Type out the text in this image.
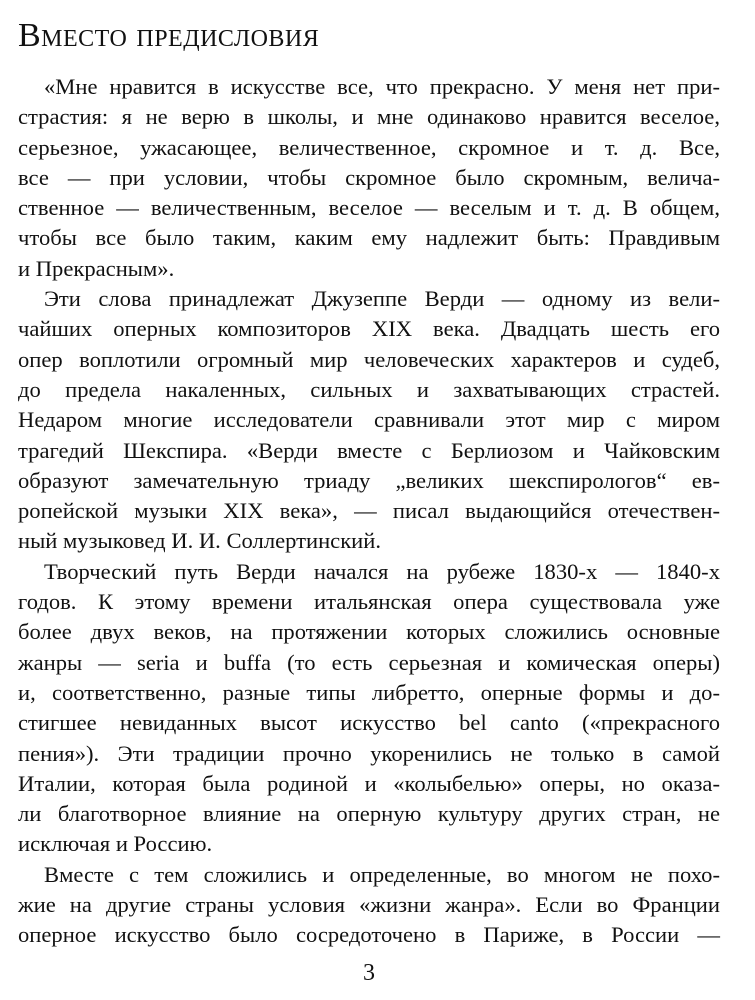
Вместо предисловия
«Мне нравится в искусстве все, что прекрасно. У меня нет при-
страстия: я не верю в школы, и мне одинаково нравится веселое,
серьезное, ужасающее, величественное, скромное и т. д. Все,
все — при условии, чтобы скромное было скромным, велича-
ственное — величественным, веселое — веселым и т. д. В общем,
чтобы все было таким, каким ему надлежит быть: Правдивым
и Прекрасным».
Эти слова принадлежат Джузеппе Верди — одному из вели-
чайших оперных композиторов XIX века. Двадцать шесть его
опер воплотили огромный мир человеческих характеров и судеб,
до предела накаленных, сильных и захватывающих страстей.
Недаром многие исследователи сравнивали этот мир с миром
трагедий Шекспира. «Верди вместе с Берлиозом и Чайковским
образуют замечательную триаду „великих шекспирологов“ ев-
ропейской музыки XIX века», — писал выдающийся отечествен-
ный музыковед И. И. Соллертинский.
Творческий путь Верди начался на рубеже 1830-х — 1840-х
годов. К этому времени итальянская опера существовала уже
более двух веков, на протяжении которых сложились основные
жанры — seria и buffa (то есть серьезная и комическая оперы)
и, соответственно, разные типы либретто, оперные формы и до-
стигшее невиданных высот искусство bel canto («прекрасного
пения»). Эти традиции прочно укоренились не только в самой
Италии, которая была родиной и «колыбелью» оперы, но оказа-
ли благотворное влияние на оперную культуру других стран, не
исключая и Россию.
Вместе с тем сложились и определенные, во многом не похо-
жие на другие страны условия «жизни жанра». Если во Франции
оперное искусство было сосредоточено в Париже, в России —
3
